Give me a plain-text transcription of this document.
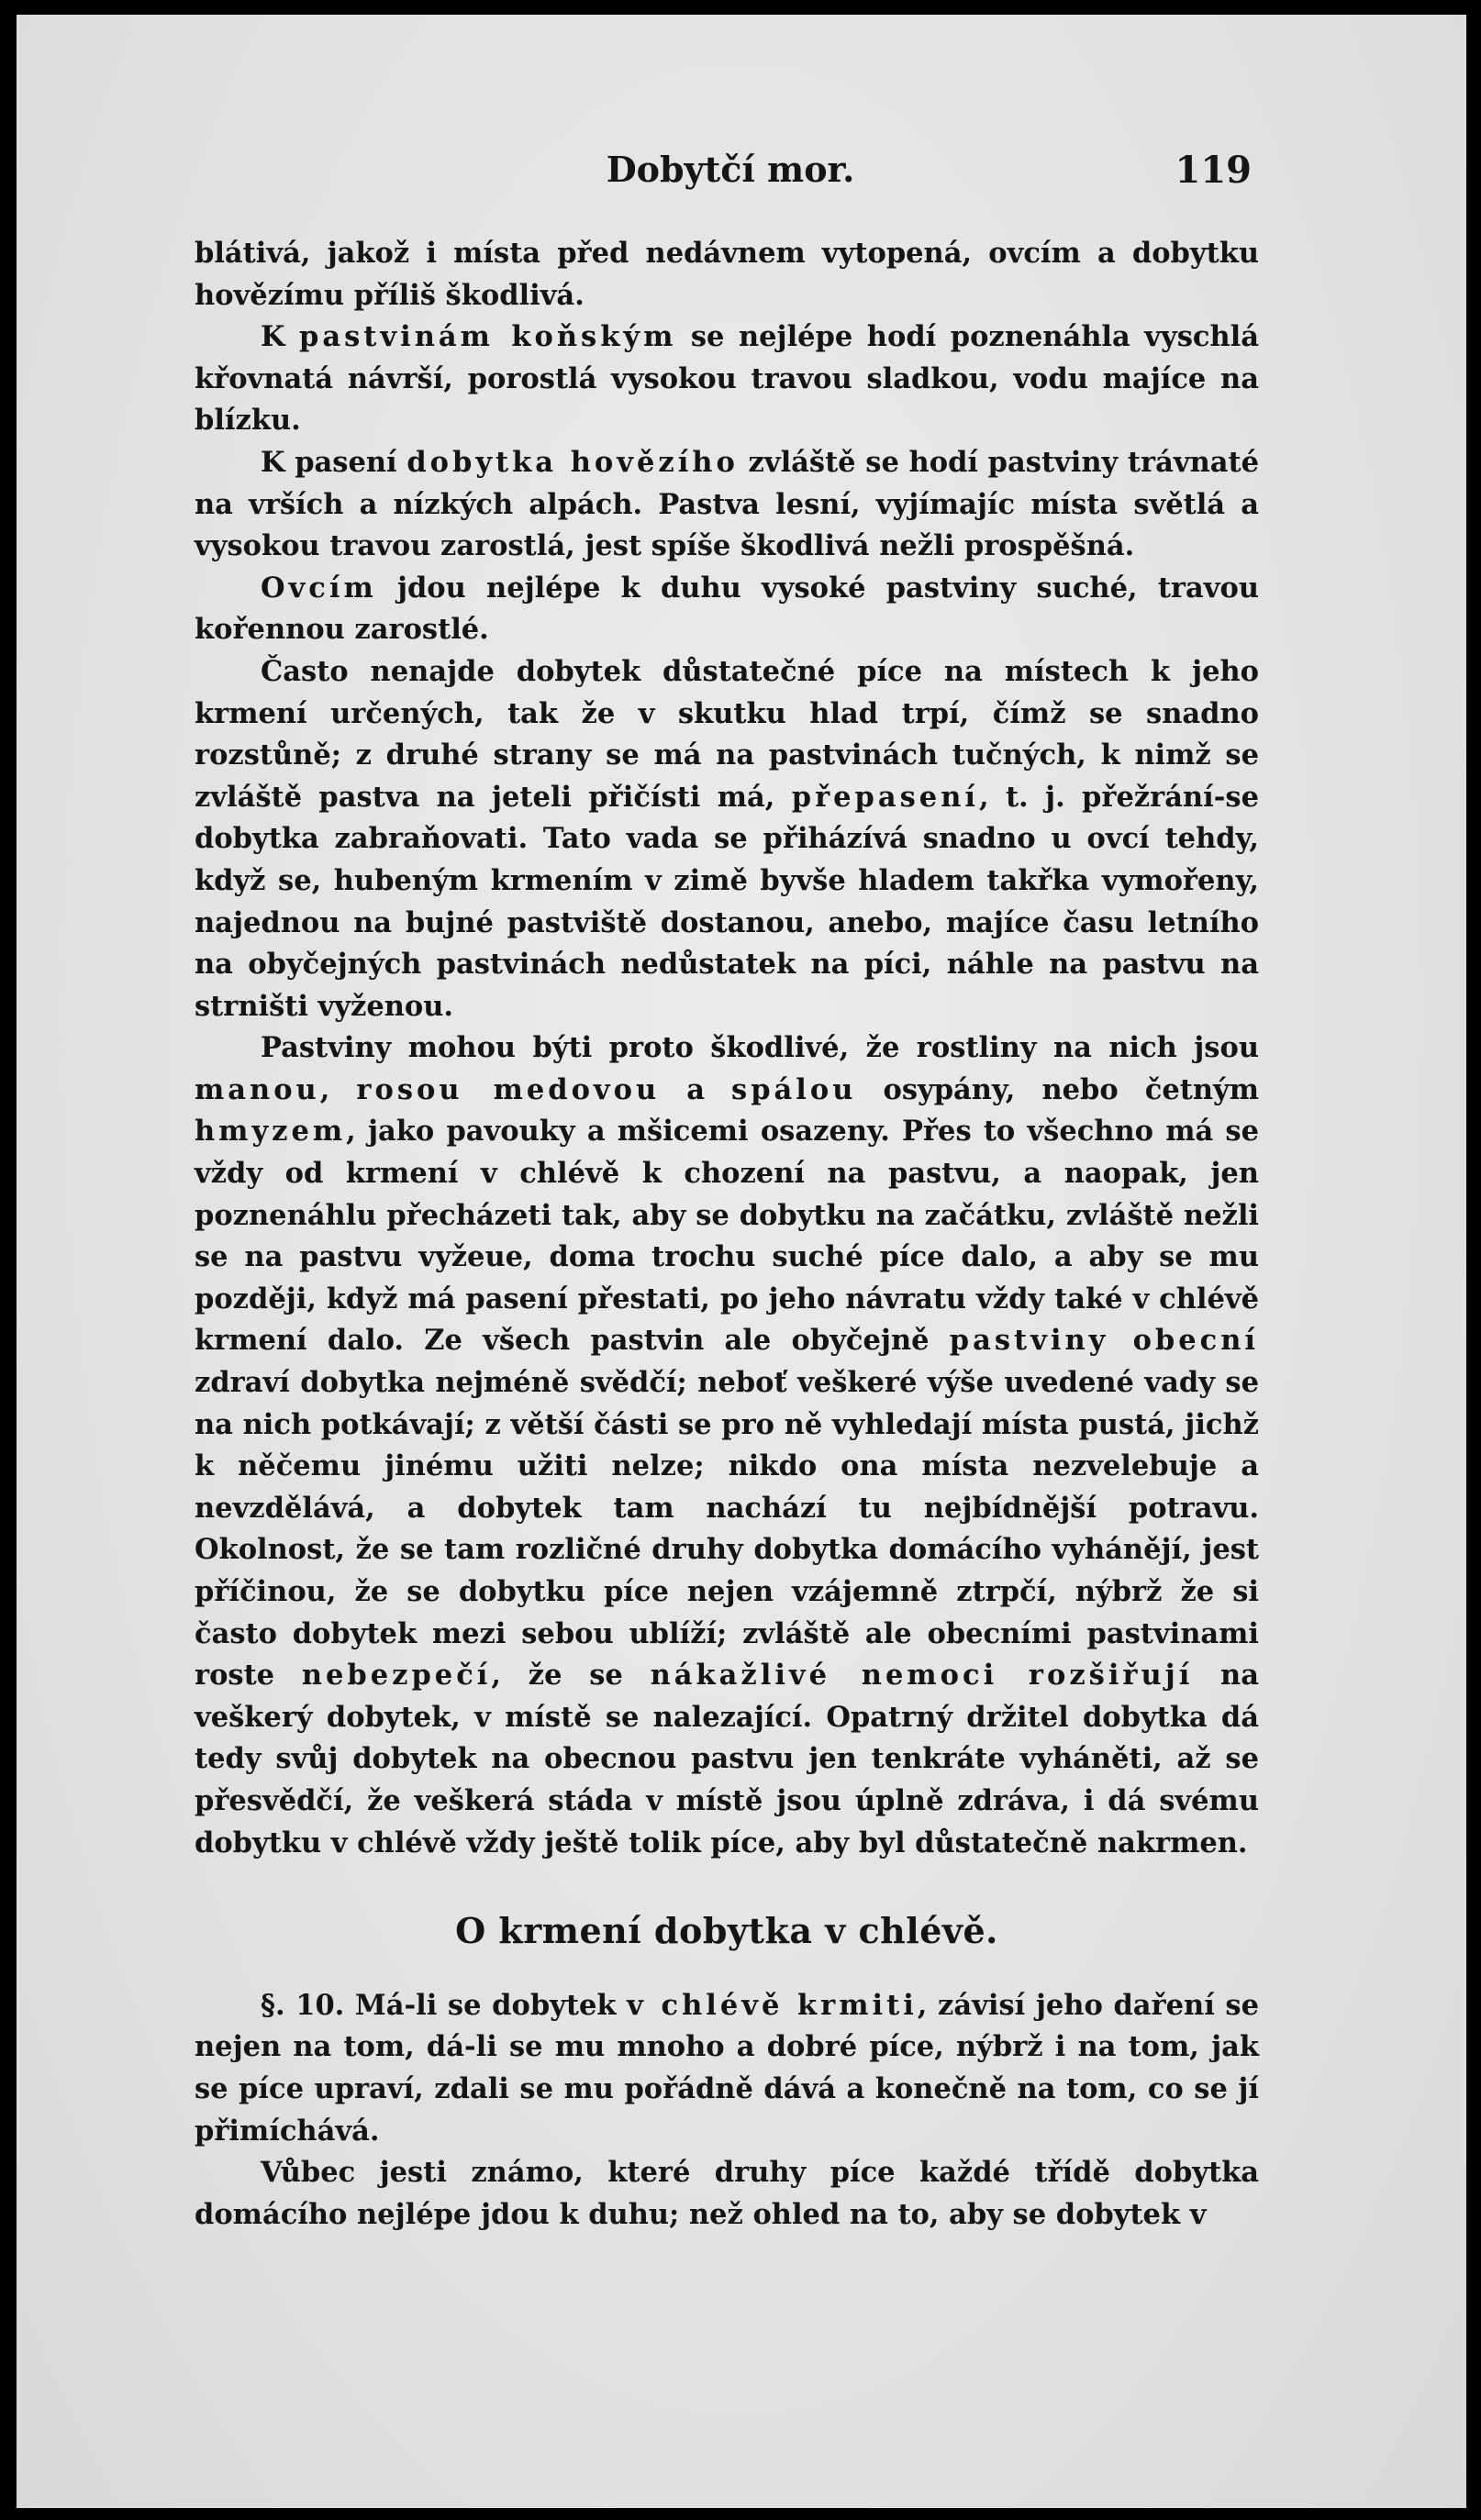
Dobytčí mor.	119

blátivá, jakož i místa před nedávnem vytopená, ovcím a dobytku hovězímu příliš škodlivá.

K pastvinám koňským se nejlépe hodí poznenáhla vyschlá křovnatá návrší, porostlá vysokou travou sladkou, vodu majíce na blízku.

K pasení dobytka hovězího zvláště se hodí pastviny trávnaté na vrších a nízkých alpách. Pastva lesní, vyjímajíc místa světlá a vysokou travou zarostlá, jest spíše škodlivá nežli prospěšná.

Ovcím jdou nejlépe k duhu vysoké pastviny suché, travou kořennou zarostlé.

Často nenajde dobytek důstatečné píce na místech k jeho krmení určených, tak že v skutku hlad trpí, čímž se snadno rozstůně; z druhé strany se má na pastvinách tučných, k nimž se zvláště pastva na jeteli přičísti má, přepasení, t. j. přežrání-se dobytka zabraňovati. Tato vada se přiházívá snadno u ovcí tehdy, když se, hubeným krmením v zimě byvše hladem takřka vymořeny, najednou na bujné pastviště dostanou, anebo, majíce času letního na obyčejných pastvinách nedůstatek na píci, náhle na pastvu na strništi vyženou.

Pastviny mohou býti proto škodlivé, že rostliny na nich jsou manou, rosou medovou a spálou osypány, nebo četným hmyzem, jako pavouky a mšicemi osazeny. Přes to všechno má se vždy od krmení v chlévě k chození na pastvu, a naopak, jen poznenáhlu přecházeti tak, aby se dobytku na začátku, zvláště nežli se na pastvu vyžeue, doma trochu suché píce dalo, a aby se mu později, když má pasení přestati, po jeho návratu vždy také v chlévě krmení dalo. Ze všech pastvin ale obyčejně pastviny obecní zdraví dobytka nejméně svědčí; neboť veškeré výše uvedené vady se na nich potkávají; z větší části se pro ně vyhledají místa pustá, jichž k něčemu jinému užiti nelze; nikdo ona místa nezvelebuje a nevzdělává, a dobytek tam nachází tu nejbídnější potravu. Okolnost, že se tam rozličné druhy dobytka domácího vyhánějí, jest příčinou, že se dobytku píce nejen vzájemně ztrpčí, nýbrž že si často dobytek mezi sebou ublíží; zvláště ale obecními pastvinami roste nebezpečí, že se nákažlivé nemoci rozšiřují na veškerý dobytek, v místě se nalezající. Opatrný držitel dobytka dá tedy svůj dobytek na obecnou pastvu jen tenkráte vyháněti, až se přesvědčí, že veškerá stáda v místě jsou úplně zdráva, i dá svému dobytku v chlévě vždy ještě tolik píce, aby byl důstatečně nakrmen.

O krmení dobytka v chlévě.

§. 10. Má-li se dobytek v chlévě krmiti, závisí jeho daření se nejen na tom, dá-li se mu mnoho a dobré píce, nýbrž i na tom, jak se píce upraví, zdali se mu pořádně dává a konečně na tom, co se jí přimíchává.

Vůbec jesti známo, které druhy píce každé třídě dobytka domácího nejlépe jdou k duhu; než ohled na to, aby se dobytek v
